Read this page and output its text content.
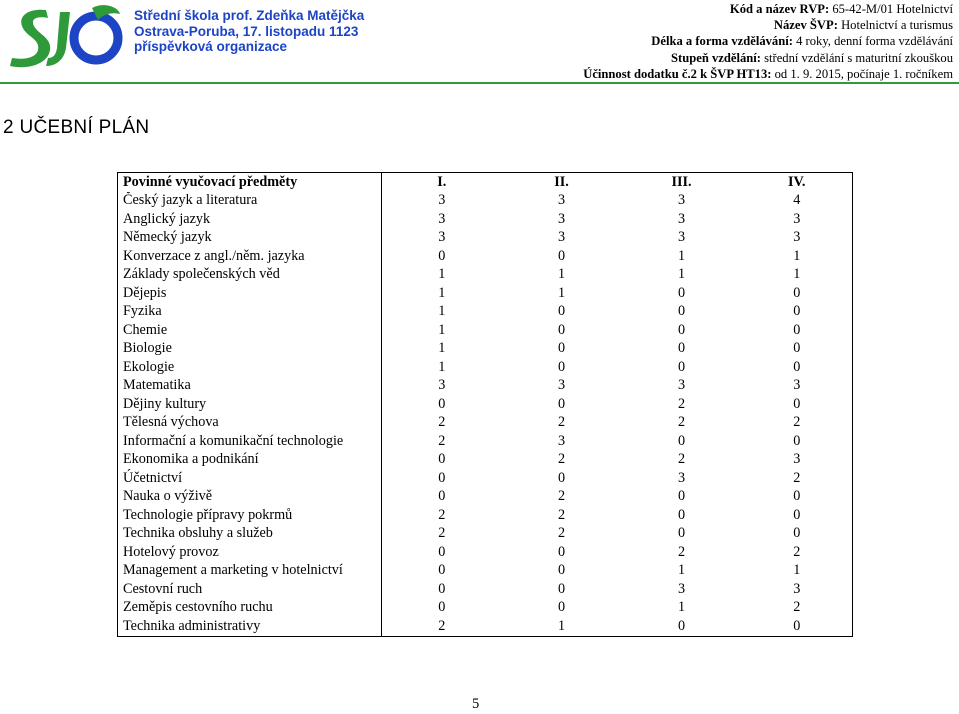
Střední škola prof. Zdeňka Matějčka
Ostrava-Poruba, 17. listopadu 1123
příspěvková organizace
Kód a název RVP: 65-42-M/01 Hotelnictví
Název ŠVP: Hotelnictví a turismus
Délka a forma vzdělávání: 4 roky, denní forma vzdělávání
Stupeň vzdělání: střední vzdělání s maturitní zkouškou
Účinnost dodatku č.2 k ŠVP HT13: od 1. 9. 2015, počínaje 1. ročníkem
2 UČEBNÍ PLÁN
Povinné vyučovací předměty	I.	II.	III.	IV.
Český jazyk a literatura	3	3	3	4
Anglický jazyk	3	3	3	3
Německý jazyk	3	3	3	3
Konverzace z angl./něm. jazyka	0	0	1	1
Základy společenských věd	1	1	1	1
Dějepis	1	1	0	0
Fyzika	1	0	0	0
Chemie	1	0	0	0
Biologie	1	0	0	0
Ekologie	1	0	0	0
Matematika	3	3	3	3
Dějiny kultury	0	0	2	0
Tělesná výchova	2	2	2	2
Informační a komunikační technologie	2	3	0	0
Ekonomika a podnikání	0	2	2	3
Účetnictví	0	0	3	2
Nauka o výživě	0	2	0	0
Technologie přípravy pokrmů	2	2	0	0
Technika obsluhy a služeb	2	2	0	0
Hotelový provoz	0	0	2	2
Management a marketing v hotelnictví	0	0	1	1
Cestovní ruch	0	0	3	3
Zeměpis cestovního ruchu	0	0	1	2
Technika administrativy	2	1	0	0
5
